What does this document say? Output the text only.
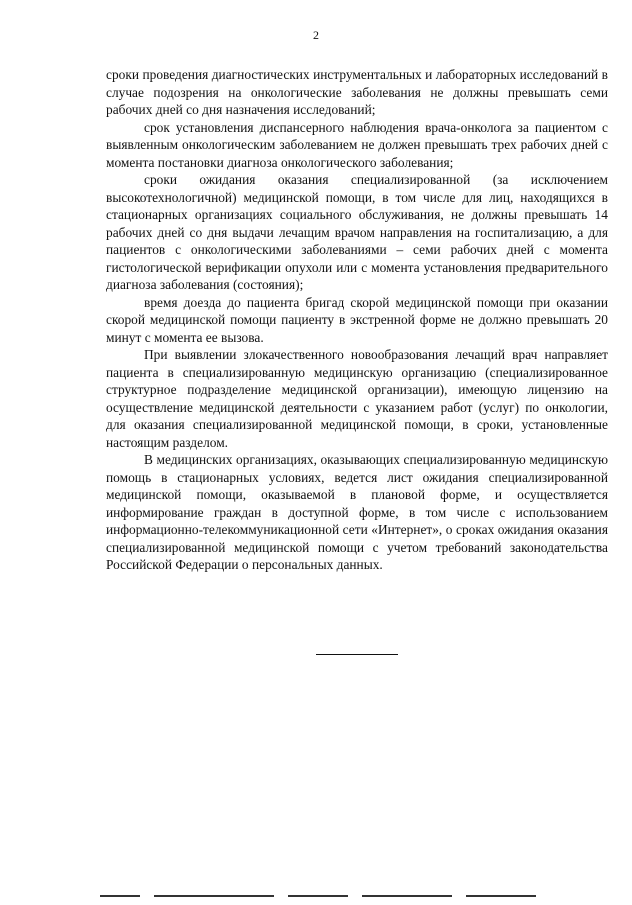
2

сроки проведения диагностических инструментальных и лабораторных исследований в случае подозрения на онкологические заболевания не должны превышать семи рабочих дней со дня назначения исследований;

срок установления диспансерного наблюдения врача-онколога за пациентом с выявленным онкологическим заболеванием не должен превышать трех рабочих дней с момента постановки диагноза онкологического заболевания;

сроки ожидания оказания специализированной (за исключением высокотехнологичной) медицинской помощи, в том числе для лиц, находящихся в стационарных организациях социального обслуживания, не должны превышать 14 рабочих дней со дня выдачи лечащим врачом направления на госпитализацию, а для пациентов с онкологическими заболеваниями – семи рабочих дней с момента гистологической верификации опухоли или с момента установления предварительного диагноза заболевания (состояния);

время доезда до пациента бригад скорой медицинской помощи при оказании скорой медицинской помощи пациенту в экстренной форме не должно превышать 20 минут с момента ее вызова.

При выявлении злокачественного новообразования лечащий врач направляет пациента в специализированную медицинскую организацию (специализированное структурное подразделение медицинской организации), имеющую лицензию на осуществление медицинской деятельности с указанием работ (услуг) по онкологии, для оказания специализированной медицинской помощи, в сроки, установленные настоящим разделом.

В медицинских организациях, оказывающих специализированную медицинскую помощь в стационарных условиях, ведется лист ожидания специализированной медицинской помощи, оказываемой в плановой форме, и осуществляется информирование граждан в доступной форме, в том числе с использованием информационно-телекоммуникационной сети «Интернет», о сроках ожидания оказания специализированной медицинской помощи с учетом требований законодательства Российской Федерации о персональных данных.
